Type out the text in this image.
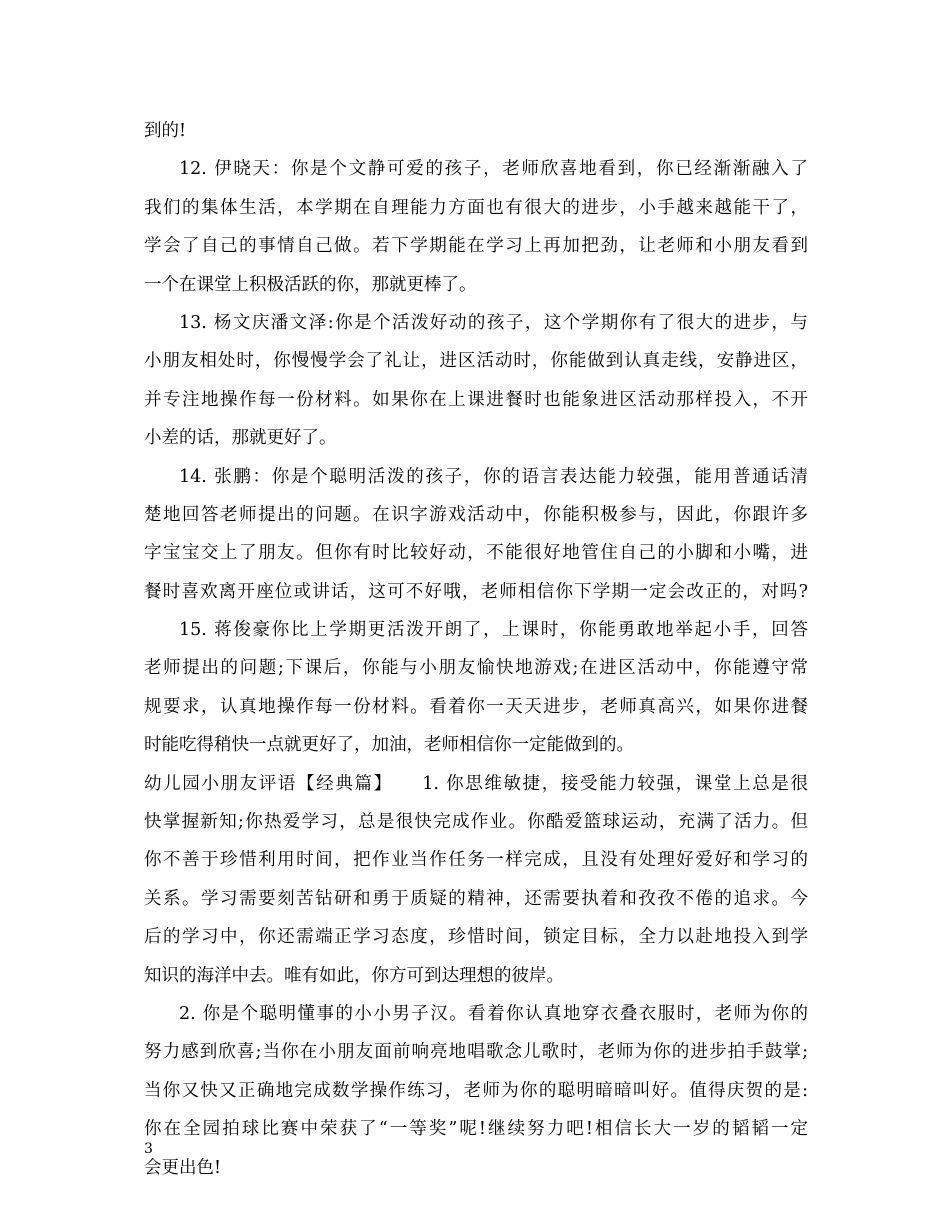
到的!
12. 伊晓天：你是个文静可爱的孩子，老师欣喜地看到，你已经渐渐融入了
我们的集体生活，本学期在自理能力方面也有很大的进步，小手越来越能干了，
学会了自己的事情自己做。若下学期能在学习上再加把劲，让老师和小朋友看到
一个在课堂上积极活跃的你，那就更棒了。
13. 杨文庆潘文泽:你是个活泼好动的孩子，这个学期你有了很大的进步，与
小朋友相处时，你慢慢学会了礼让，进区活动时，你能做到认真走线，安静进区，
并专注地操作每一份材料。如果你在上课进餐时也能象进区活动那样投入，不开
小差的话，那就更好了。
14. 张鹏：你是个聪明活泼的孩子，你的语言表达能力较强，能用普通话清
楚地回答老师提出的问题。在识字游戏活动中，你能积极参与，因此，你跟许多
字宝宝交上了朋友。但你有时比较好动，不能很好地管住自己的小脚和小嘴，进
餐时喜欢离开座位或讲话，这可不好哦，老师相信你下学期一定会改正的，对吗?
15. 蒋俊豪你比上学期更活泼开朗了，上课时，你能勇敢地举起小手，回答
老师提出的问题;下课后，你能与小朋友愉快地游戏;在进区活动中，你能遵守常
规要求，认真地操作每一份材料。看着你一天天进步，老师真高兴，如果你进餐
时能吃得稍快一点就更好了，加油，老师相信你一定能做到的。
幼儿园小朋友评语【经典篇】　　1. 你思维敏捷，接受能力较强，课堂上总是很
快掌握新知;你热爱学习，总是很快完成作业。你酷爱篮球运动，充满了活力。但
你不善于珍惜利用时间，把作业当作任务一样完成，且没有处理好爱好和学习的
关系。学习需要刻苦钻研和勇于质疑的精神，还需要执着和孜孜不倦的追求。今
后的学习中，你还需端正学习态度，珍惜时间，锁定目标，全力以赴地投入到学
知识的海洋中去。唯有如此，你方可到达理想的彼岸。
2. 你是个聪明懂事的小小男子汉。看着你认真地穿衣叠衣服时，老师为你的
努力感到欣喜;当你在小朋友面前响亮地唱歌念儿歌时，老师为你的进步拍手鼓掌;
当你又快又正确地完成数学操作练习，老师为你的聪明暗暗叫好。值得庆贺的是:
你在全园拍球比赛中荣获了“一等奖”呢!继续努力吧!相信长大一岁的韬韬一定
会更出色!
3
